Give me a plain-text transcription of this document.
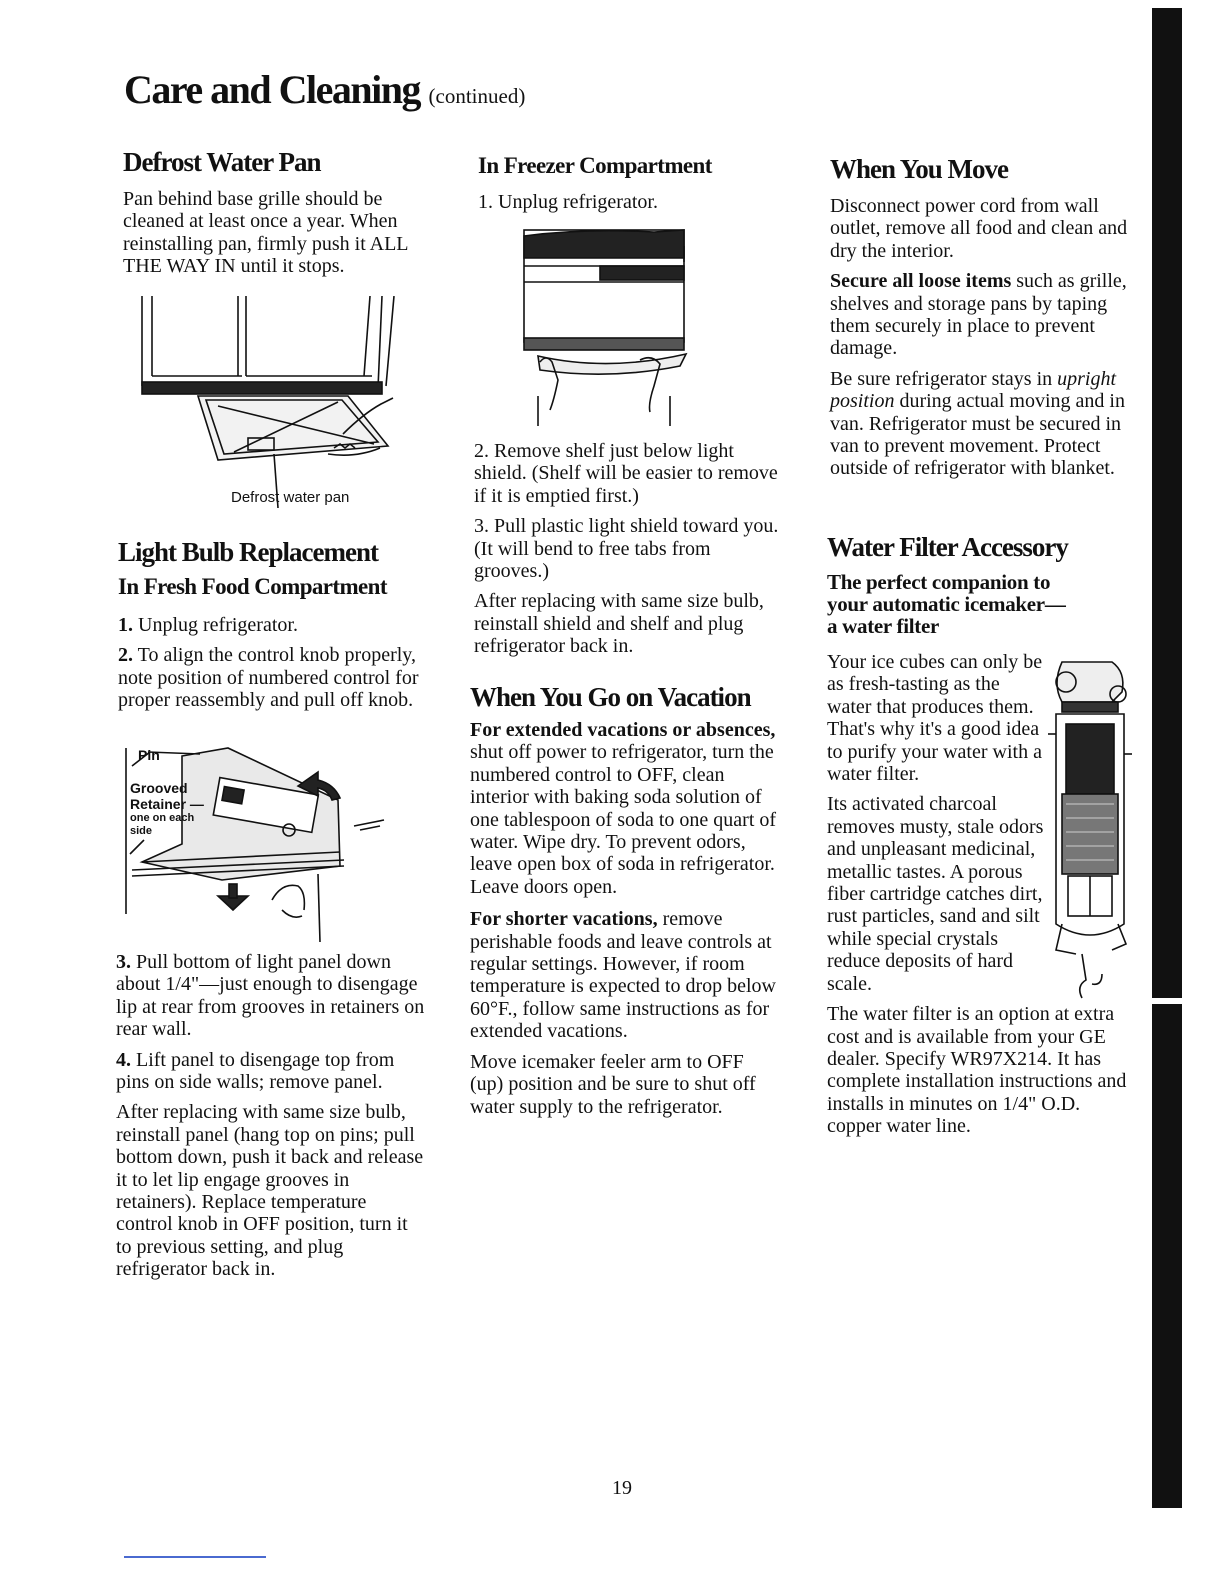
Care and Cleaning (continued)
Defrost Water Pan

Pan behind base grille should be cleaned at least once a year. When reinstalling pan, firmly push it ALL THE WAY IN until it stops.

Defrost water pan
Light Bulb Replacement
In Fresh Food Compartment

1. Unplug refrigerator.

2. To align the control knob properly, note position of numbered control for proper reassembly and pull off knob.

Pin
Grooved
Retainer —
one on each
side

3. Pull bottom of light panel down about 1/4"—just enough to disengage lip at rear from grooves in retainers on rear wall.

4. Lift panel to disengage top from pins on side walls; remove panel.

After replacing with same size bulb, reinstall panel (hang top on pins; pull bottom down, push it back and release it to let lip engage grooves in retainers). Replace temperature control knob in OFF position, turn it to previous setting, and plug refrigerator back in.

In Freezer Compartment

1. Unplug refrigerator.

2. Remove shelf just below light shield. (Shelf will be easier to remove if it is emptied first.)

3. Pull plastic light shield toward you. (It will bend to free tabs from grooves.)

After replacing with same size bulb, reinstall shield and shelf and plug refrigerator back in.

When You Go on Vacation

For extended vacations or absences, shut off power to refrigerator, turn the numbered control to OFF, clean interior with baking soda solution of one tablespoon of soda to one quart of water. Wipe dry. To prevent odors, leave open box of soda in refrigerator. Leave doors open.

For shorter vacations, remove perishable foods and leave controls at regular settings. However, if room temperature is expected to drop below 60°F., follow same instructions as for extended vacations.

Move icemaker feeler arm to OFF (up) position and be sure to shut off water supply to the refrigerator.

When You Move

Disconnect power cord from wall outlet, remove all food and clean and dry the interior.

Secure all loose items such as grille, shelves and storage pans by taping them securely in place to prevent damage.

Be sure refrigerator stays in upright position during actual moving and in van. Refrigerator must be secured in van to prevent movement. Protect outside of refrigerator with blanket.

Water Filter Accessory
The perfect companion to
your automatic icemaker—
a water filter

Your ice cubes can only be as fresh-tasting as the water that produces them. That's why it's a good idea to purify your water with a water filter.

Its activated charcoal removes musty, stale odors and unpleasant medicinal, metallic tastes. A porous fiber cartridge catches dirt, rust particles, sand and silt while special crystals reduce deposits of hard scale.

The water filter is an option at extra cost and is available from your GE dealer. Specify WR97X214. It has complete installation instructions and installs in minutes on 1/4" O.D. copper water line.

19
